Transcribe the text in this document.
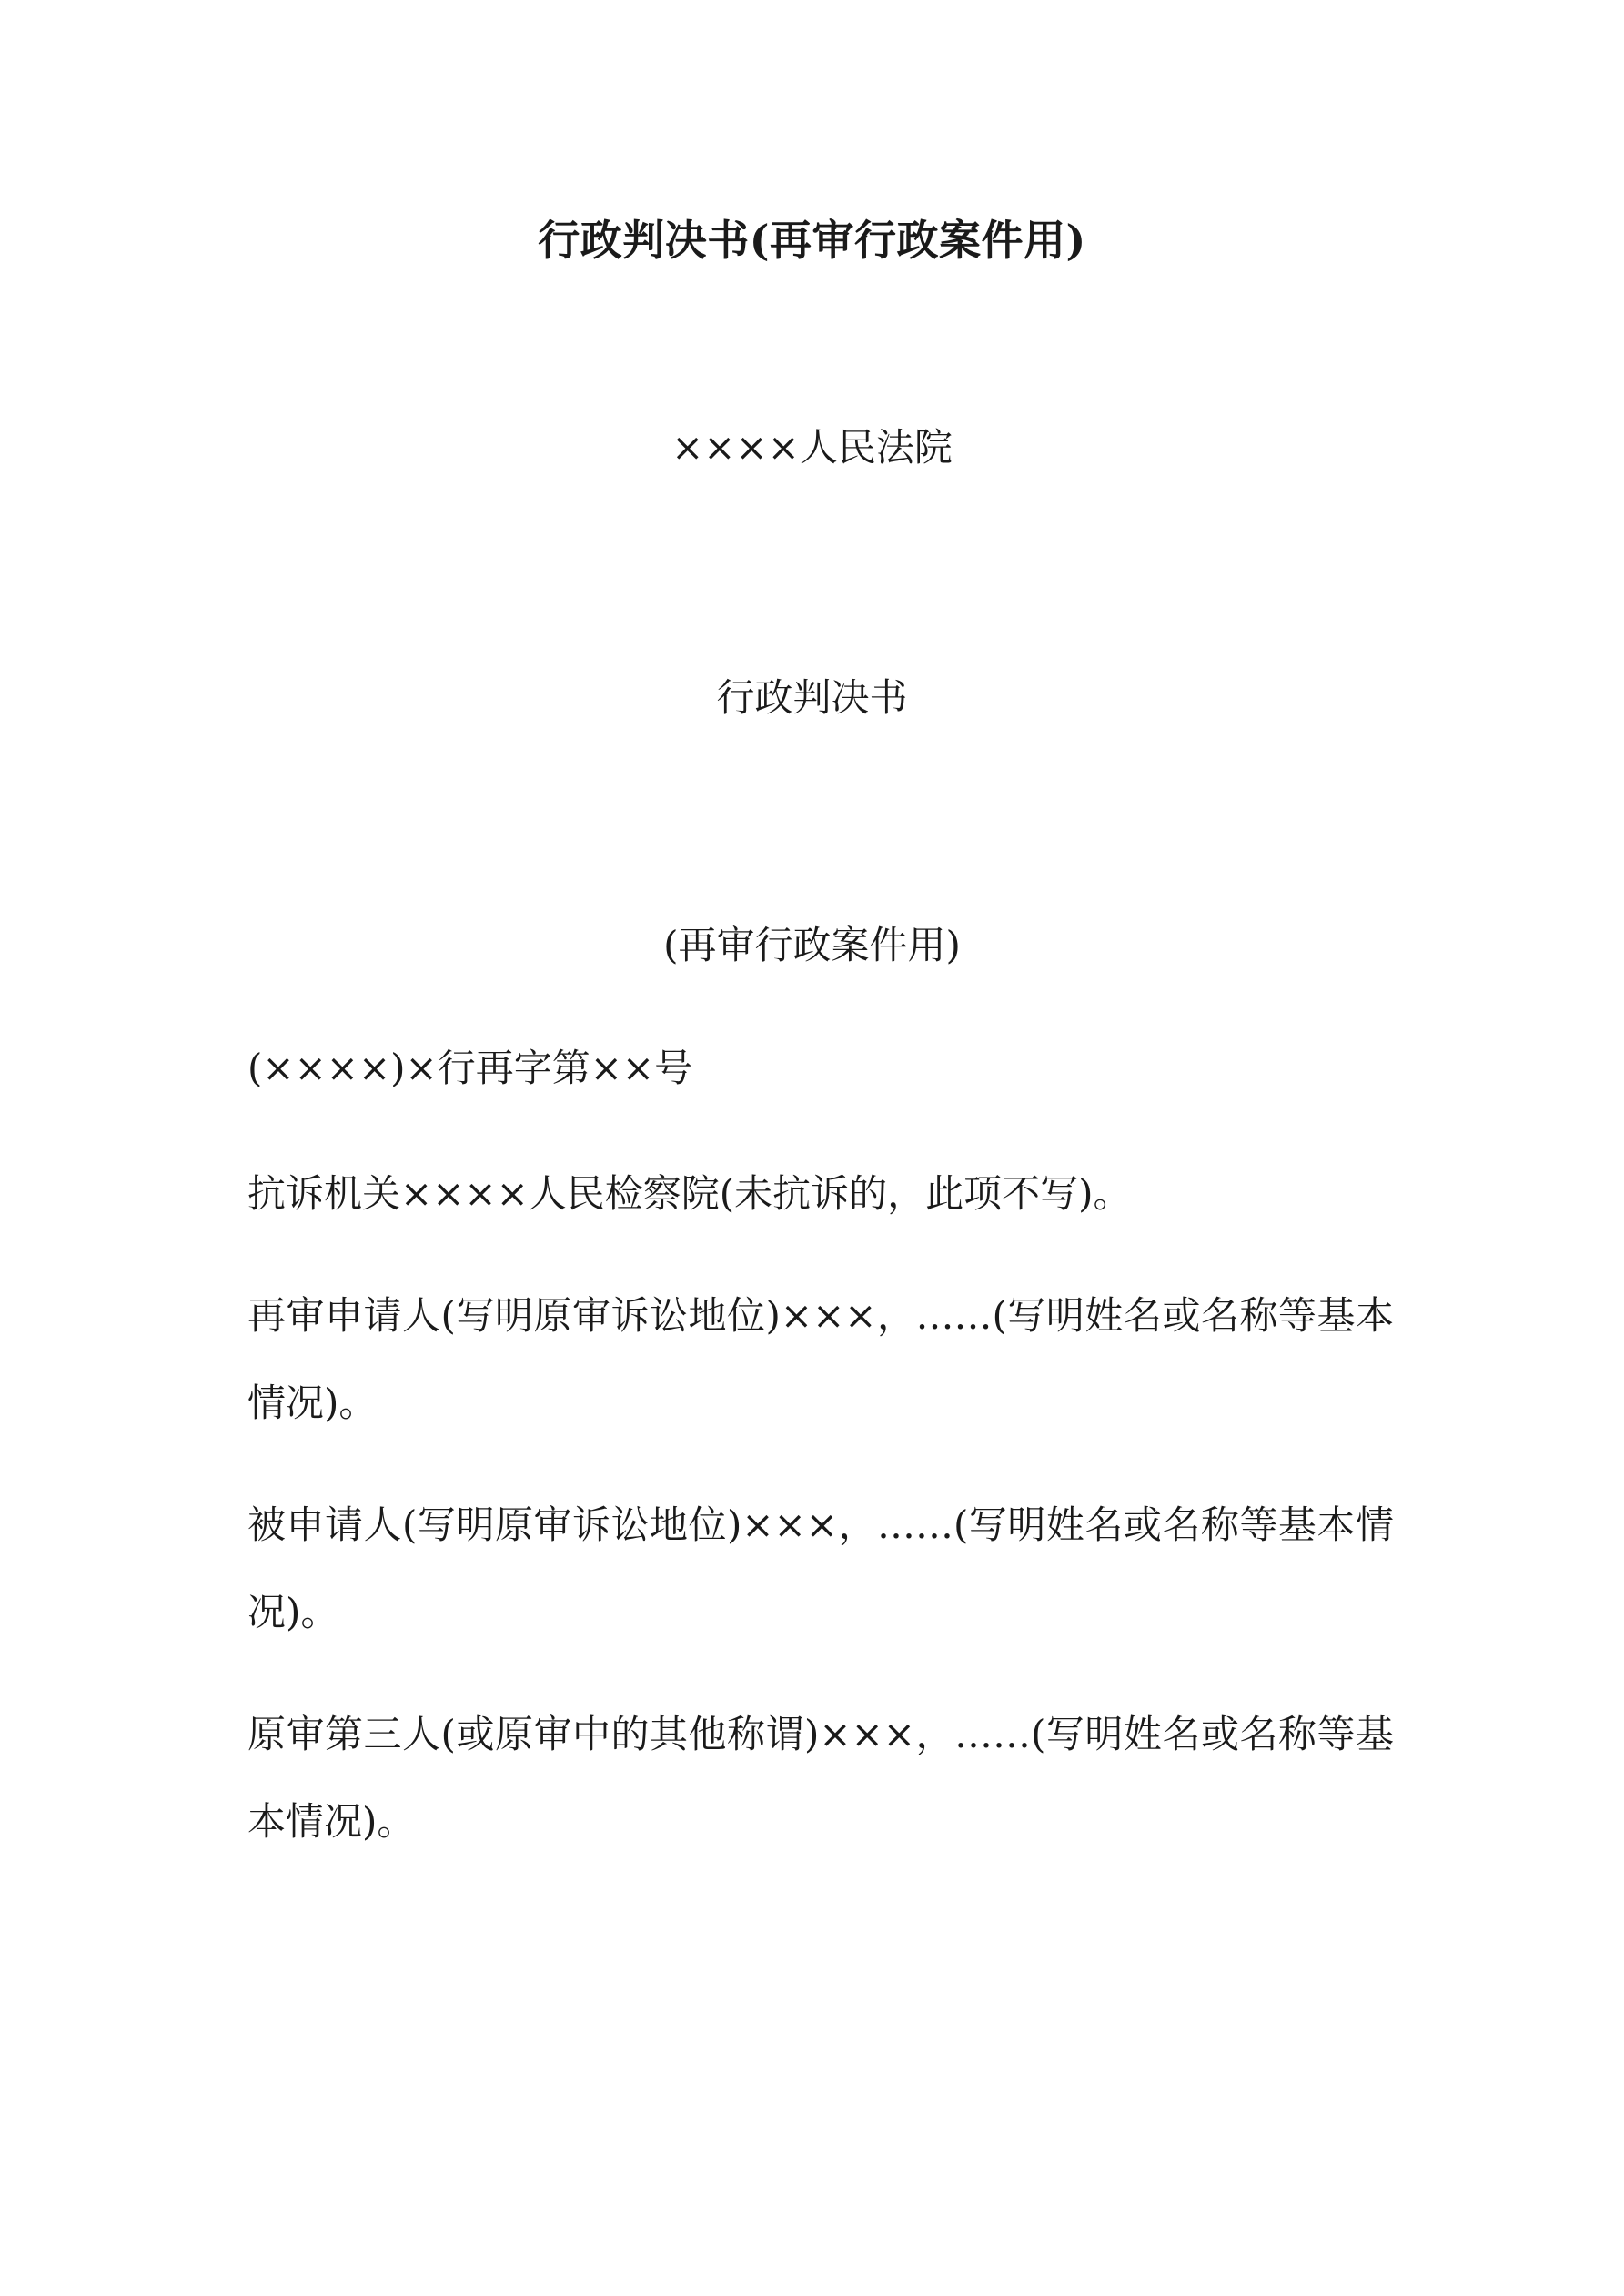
行政判决书(再审行政案件用)
××××人民法院
行政判决书
(再审行政案件用)
(××××)×行再字第××号
抗诉机关××××人民检察院(未抗诉的，此项不写)。
再审申请人(写明原审诉讼地位)×××，……(写明姓名或名称等基本情况)。
被申请人(写明原审诉讼地位)×××，……(写明姓名或名称等基本情况)。
原审第三人(或原审中的其他称谓)×××，……(写明姓名或名称等基本情况)。
